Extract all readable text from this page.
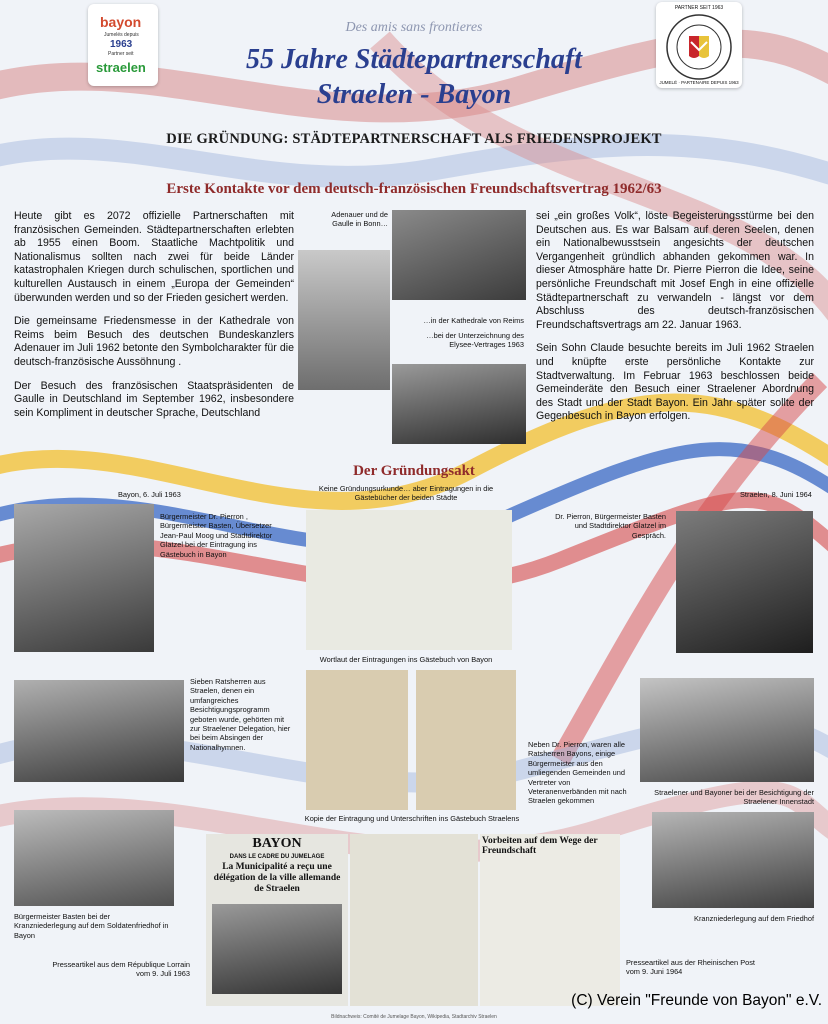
bayon
Jumelés depuis
1963
Partner seit
straelen
PARTNER SEIT 1963
JUMELÉ · PARTENAIRE DEPUIS 1963
Des amis sans frontieres
55 Jahre Städtepartnerschaft
Straelen - Bayon
DIE GRÜNDUNG: STÄDTEPARTNERSCHAFT ALS FRIEDENSPROJEKT
Erste Kontakte vor dem deutsch-französischen Freundschaftsvertrag 1962/63

Heute gibt es 2072 offizielle Partnerschaften mit französischen Gemeinden. Städtepartnerschaften erlebten ab 1955 einen Boom. Staatliche Machtpolitik und Nationalismus sollten nach zwei für beide Länder katastrophalen Kriegen durch schulischen, sportlichen und kulturellen Austausch in einem „Europa der Gemeinden“ überwunden werden und so der Frieden gesichert werden.

Die gemeinsame Friedensmesse in der Kathedrale von Reims beim Besuch des deutschen Bundeskanzlers Adenauer im Juli 1962 betonte den Symbolcharakter für die deutsch-französische Aussöhnung .

Der Besuch des französischen Staatspräsidenten de Gaulle in Deutschland im September 1962, insbesondere sein Kompliment in deutscher Sprache, Deutschland

sei „ein großes Volk“, löste Begeisterungsstürme bei den Deutschen aus. Es war Balsam auf deren Seelen, denen ein Nationalbewusstsein angesichts der deutschen Vergangenheit gründlich abhanden gekommen war. In dieser Atmosphäre hatte Dr. Pierre Pierron die Idee, seine persönliche Freundschaft mit Josef Engh in eine offizielle Städtepartnerschaft zu verwandeln - längst vor dem Abschluss des deutsch-französischen Freundschaftsvertrags am 22. Januar 1963.

Sein Sohn Claude besuchte bereits im Juli 1962 Straelen und knüpfte erste persönliche Kontakte zur Stadtverwaltung. Im Februar 1963 beschlossen beide Gemeinderäte den Besuch einer Straelener Abordnung des Stadt und der Stadt Bayon. Ein Jahr später sollte der Gegenbesuch in Bayon erfolgen.

Adenauer und de Gaulle in Bonn…
…in der Kathedrale von Reims
…bei der Unterzeichnung des Elysee-Vertrages 1963
Der Gründungsakt
Bayon, 6. Juli 1963
Keine Gründungsurkunde… aber Eintragungen in die Gästebücher der beiden Städte	Straelen, 8. Juni 1964
Bürgermeister Dr. Pierron , Bürgermeister Basten, Übersetzer Jean-Paul Moog und Stadtdirektor Glatzel bei der Eintragung ins Gästebuch in Bayon
Dr. Pierron, Bürgermeister Basten und Stadtdirektor Glatzel im Gespräch.
Wortlaut der Eintragungen ins Gästebuch von Bayon
Sieben Ratsherren aus Straelen, denen ein umfangreiches Besichtigungsprogramm geboten wurde, gehörten mit zur Straelener Delegation, hier bei beim Absingen der Nationalhymnen.	Neben Dr. Pierron, waren alle Ratsherren Bayons, einige Bürgermeister aus den umliegenden Gemeinden und Vertreter von Veteranenverbänden mit nach Straelen gekommen
Straelener und Bayoner bei der Besichtigung der Straelener Innenstadt
Kopie der Eintragung und Unterschriften ins Gästebuch Straelens
Bürgermeister Basten bei der Kranzniederlegung auf dem Soldatenfriedhof in Bayon
Kranzniederlegung auf dem Friedhof
BAYON
DANS LE CADRE DU JUMELAGE
La Municipalité a reçu une délégation de la ville allemande de Straelen
Vorbeiten auf dem Wege der Freundschaft
Presseartikel aus dem République Lorrain vom 9. Juli 1963
Presseartikel aus der Rheinischen Post vom 9. Juni 1964
(C) Verein "Freunde von Bayon" e.V.
Bildnachweis: Comité de Jumelage Bayon, Wikipedia, Stadtarchiv Straelen
